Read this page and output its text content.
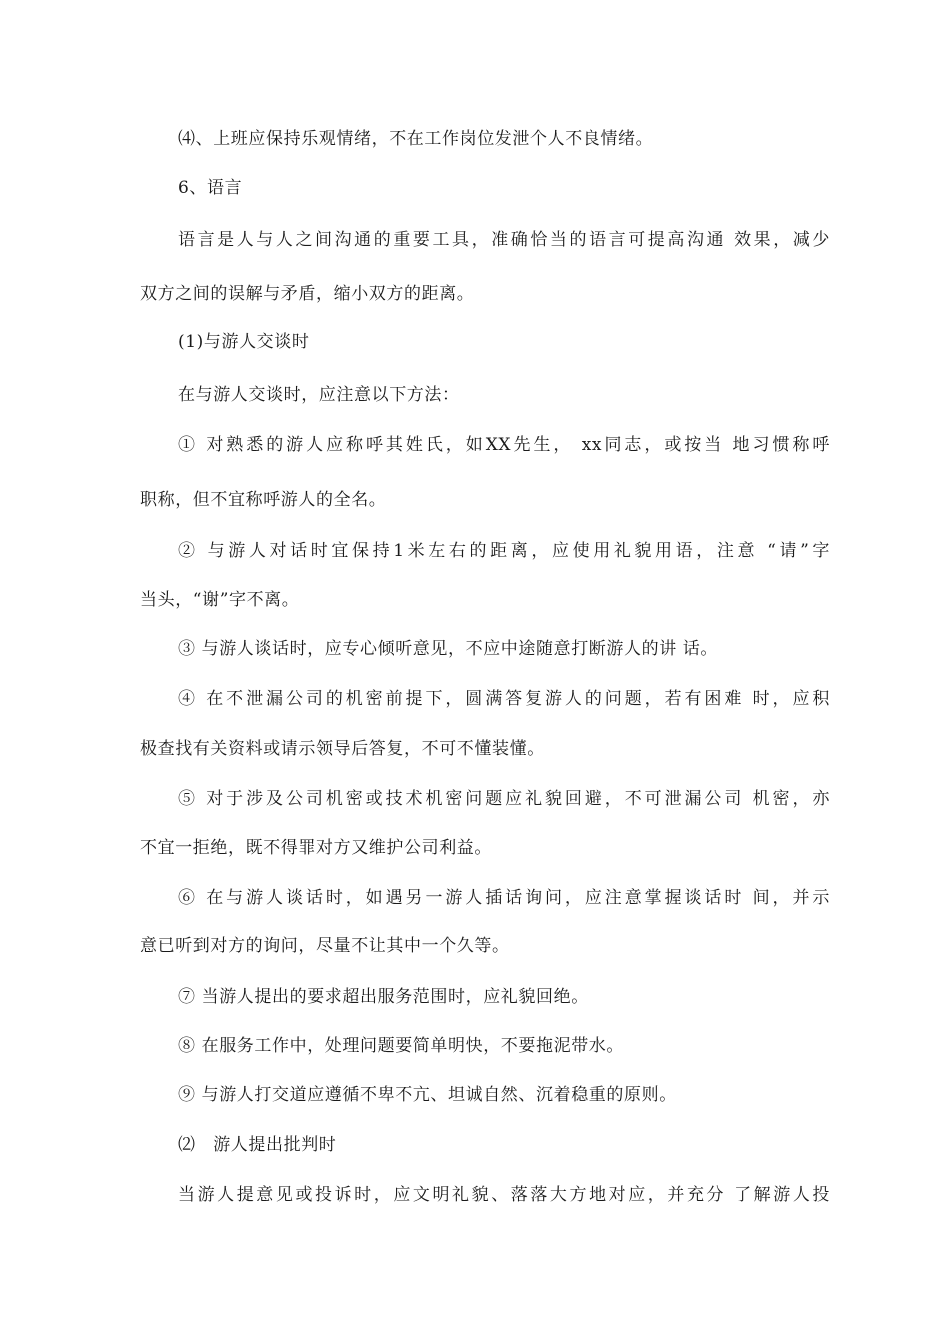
⑷、上班应保持乐观情绪，不在工作岗位发泄个人不良情绪。
6、语言
语言是人与人之间沟通的重要工具，准确恰当的语言可提高沟通 效果，减少
双方之间的误解与矛盾，缩小双方的距离。
(1)与游人交谈时
在与游人交谈时，应注意以下方法：
① 对熟悉的游人应称呼其姓氏，如XX先生， xx同志，或按当 地习惯称呼
职称，但不宜称呼游人的全名。
② 与游人对话时宜保持1米左右的距离，应使用礼貌用语，注意 “请”字
当头，“谢”字不离。
③ 与游人谈话时，应专心倾听意见，不应中途随意打断游人的讲 话。
④ 在不泄漏公司的机密前提下，圆满答复游人的问题，若有困难 时，应积
极查找有关资料或请示领导后答复，不可不懂装懂。
⑤ 对于涉及公司机密或技术机密问题应礼貌回避，不可泄漏公司 机密，亦
不宜一拒绝，既不得罪对方又维护公司利益。
⑥ 在与游人谈话时，如遇另一游人插话询问，应注意掌握谈话时 间，并示
意已听到对方的询问，尽量不让其中一个久等。
⑦ 当游人提出的要求超出服务范围时，应礼貌回绝。
⑧ 在服务工作中，处理问题要简单明快，不要拖泥带水。
⑨ 与游人打交道应遵循不卑不亢、坦诚自然、沉着稳重的原则。
⑵　游人提出批判时
当游人提意见或投诉时，应文明礼貌、落落大方地对应，并充分 了解游人投
